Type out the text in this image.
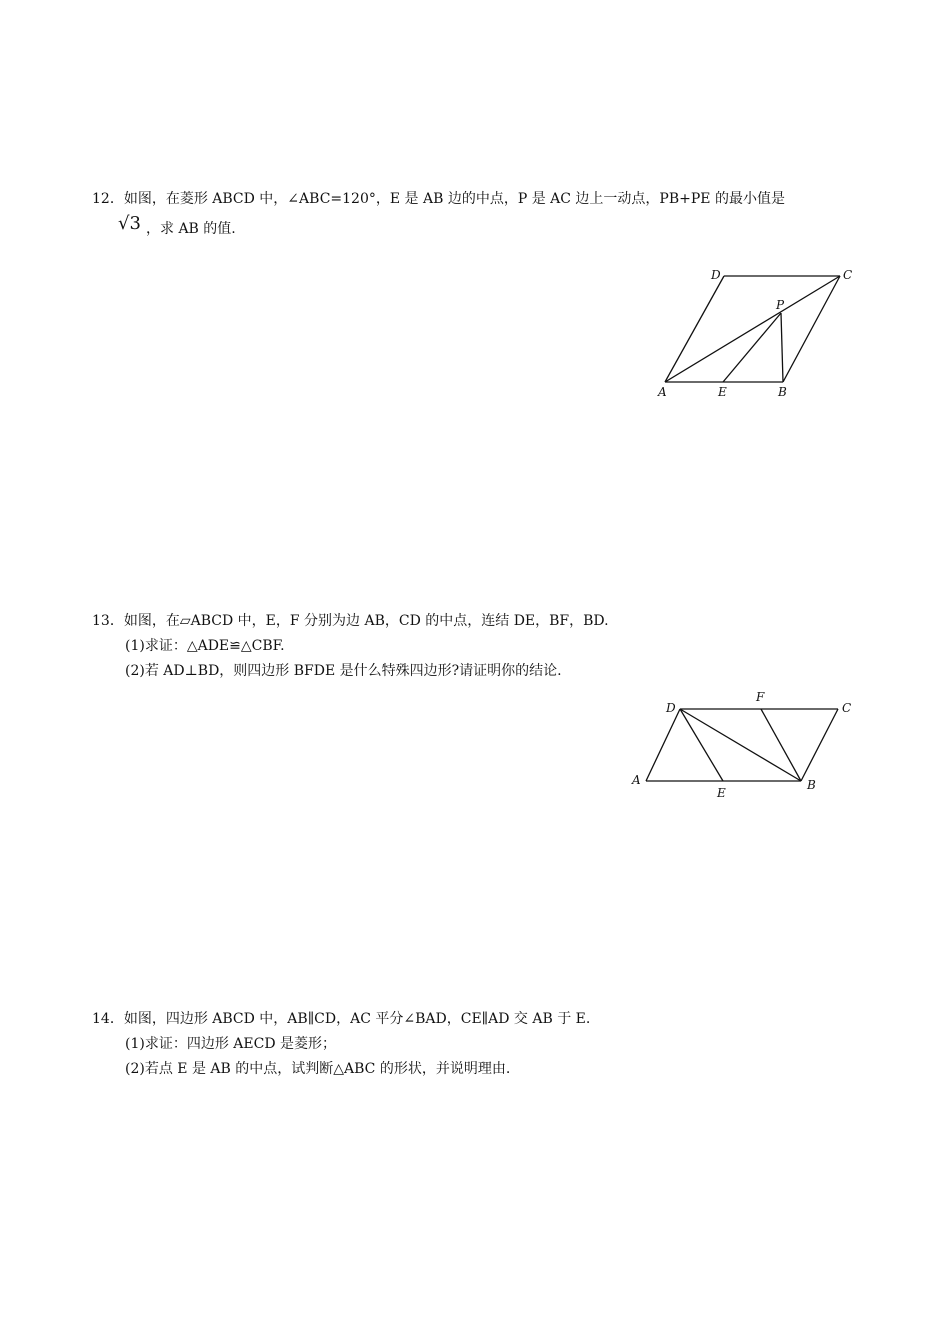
12．如图，在菱形 ABCD 中，∠ABC=120°，E 是 AB 边的中点，P 是 AC 边上一动点，PB+PE 的最小值是
√3 ，求 AB 的值.
D	C
P
A	E	B
13．如图，在▱ABCD 中，E，F 分别为边 AB，CD 的中点，连结 DE，BF，BD.
(1)求证：△ADE≌△CBF.
(2)若 AD⊥BD，则四边形 BFDE 是什么特殊四边形?请证明你的结论.
D
F
C
A
E
B
14．如图，四边形 ABCD 中，AB∥CD，AC 平分∠BAD，CE∥AD 交 AB 于 E.
(1)求证：四边形 AECD 是菱形；
(2)若点 E 是 AB 的中点，试判断△ABC 的形状，并说明理由.
